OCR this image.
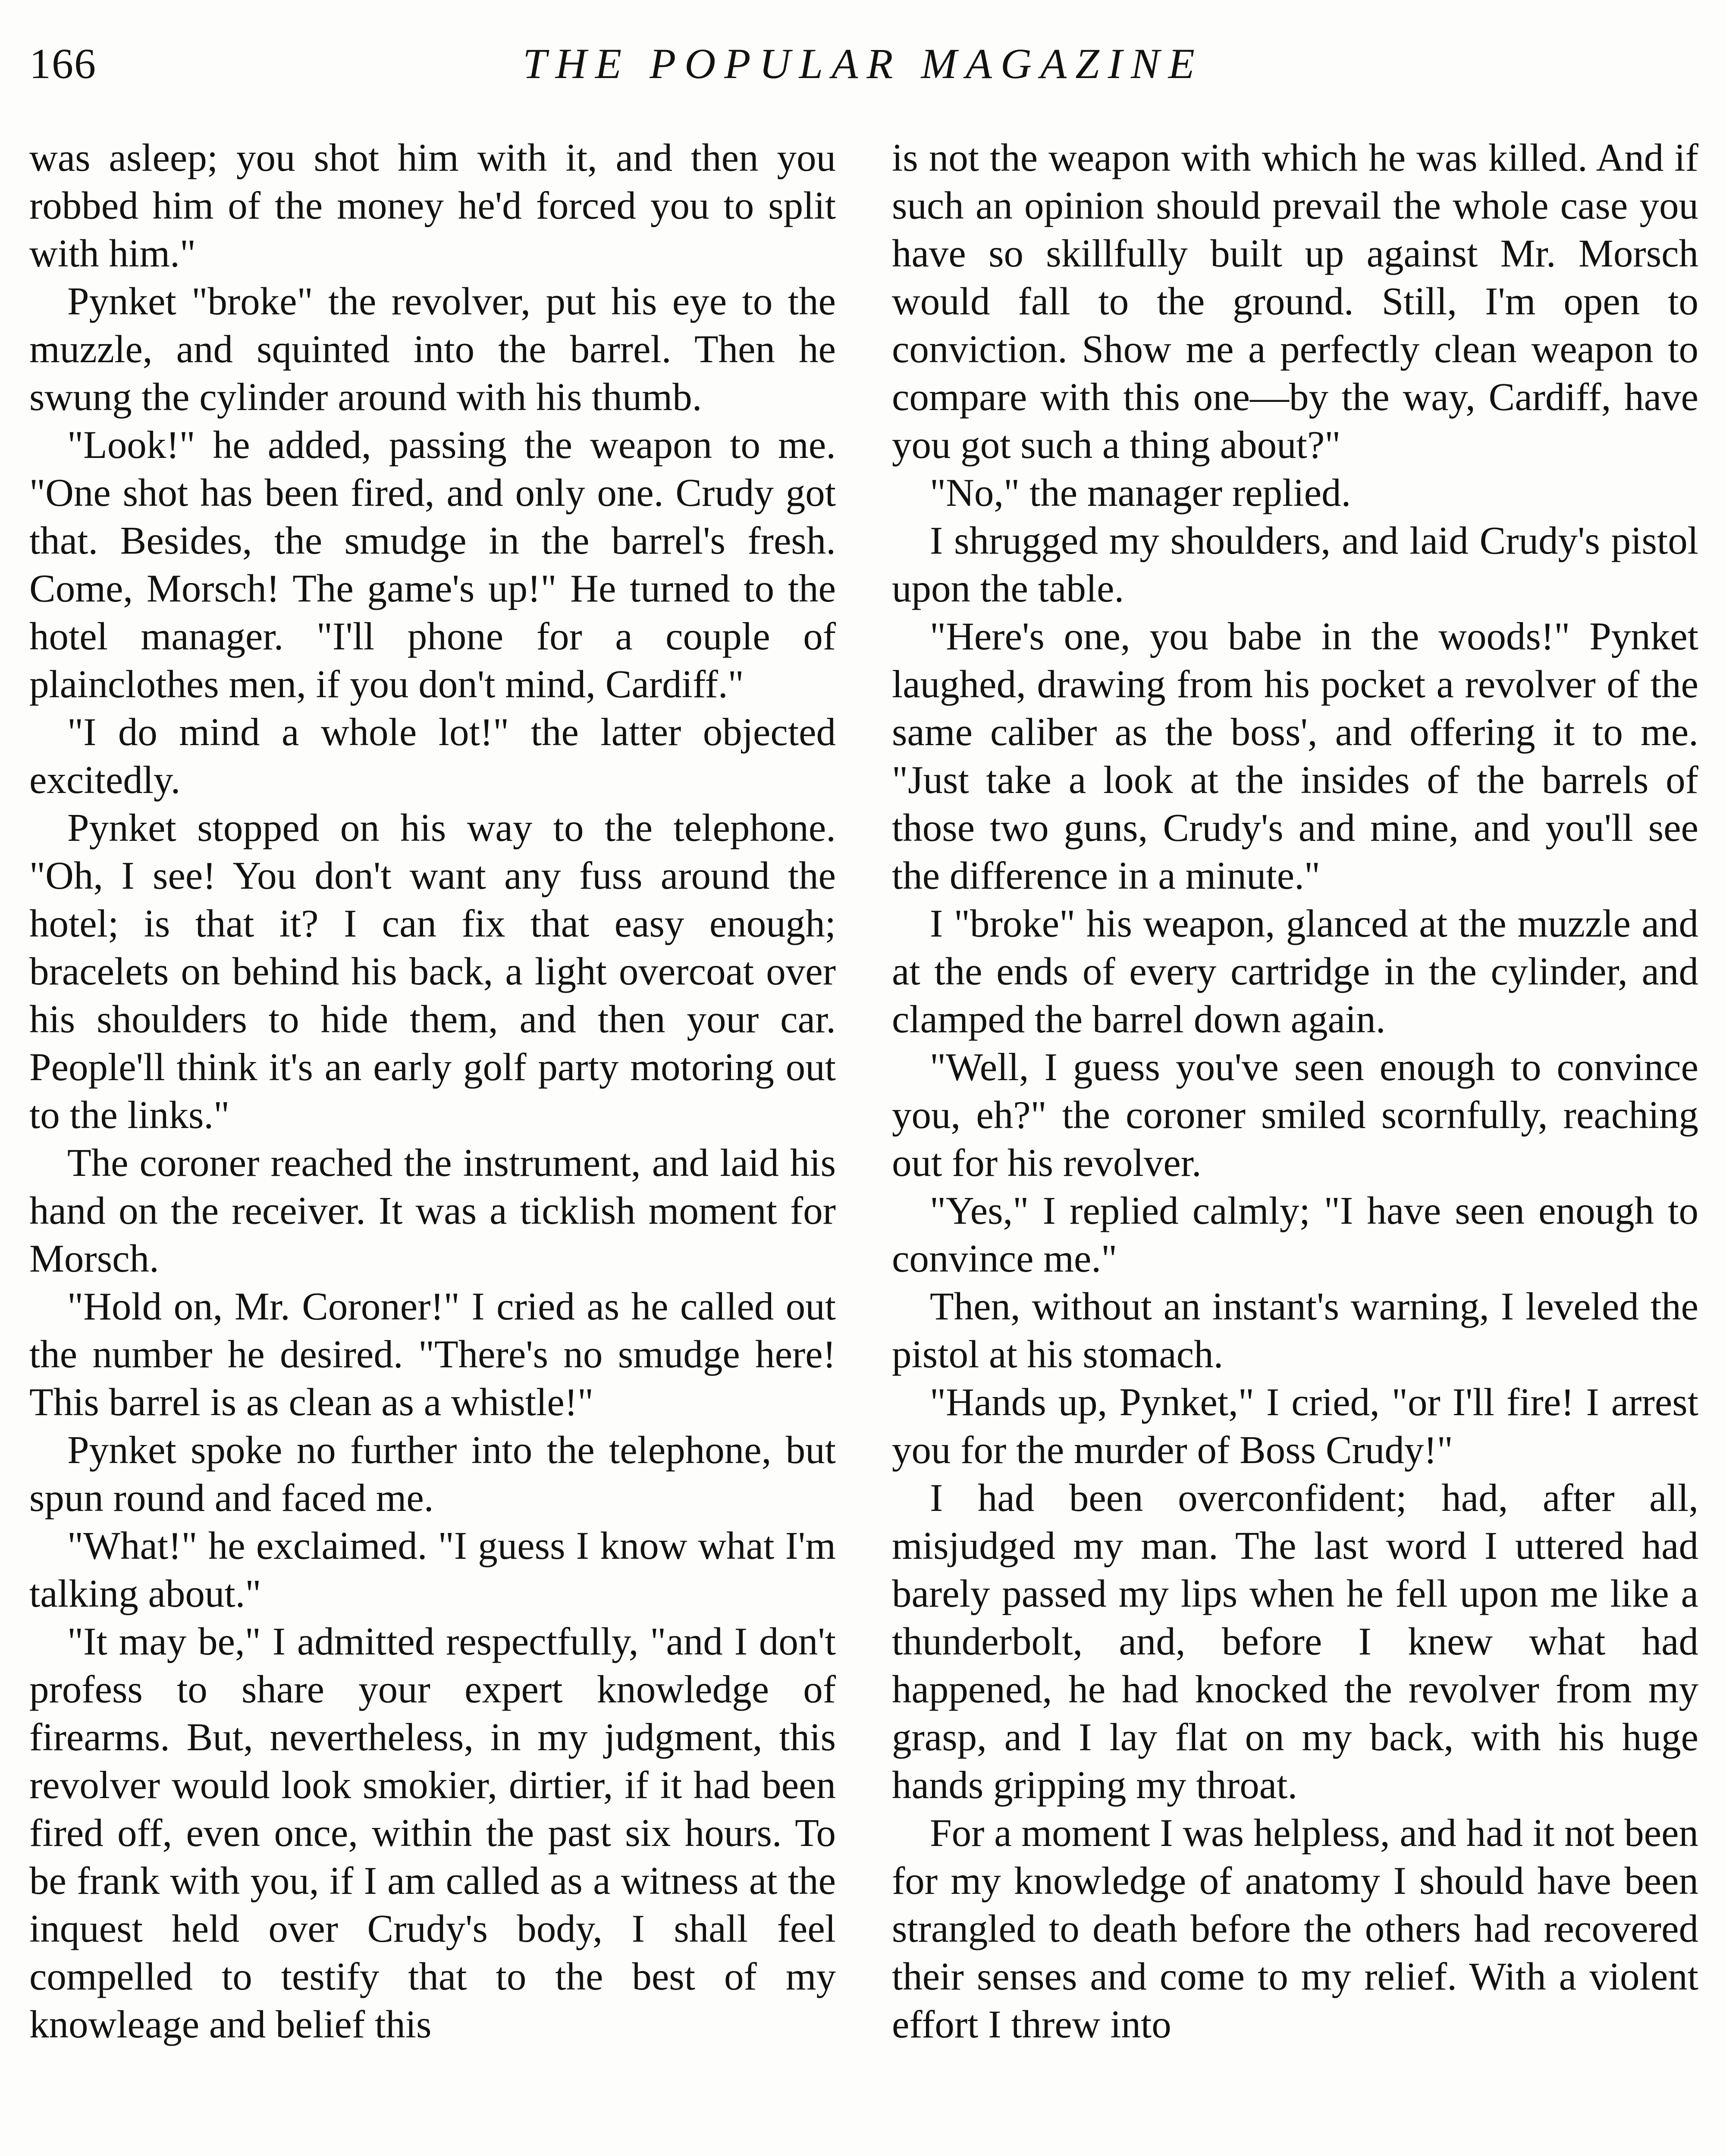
166	THE POPULAR MAGAZINE

was asleep; you shot him with it, and then you robbed him of the money he'd forced you to split with him."

Pynket "broke" the revolver, put his eye to the muzzle, and squinted into the barrel. Then he swung the cylinder around with his thumb.

"Look!" he added, passing the weapon to me. "One shot has been fired, and only one. Crudy got that. Besides, the smudge in the barrel's fresh. Come, Morsch! The game's up!" He turned to the hotel manager. "I'll phone for a couple of plainclothes men, if you don't mind, Cardiff."

"I do mind a whole lot!" the latter objected excitedly.

Pynket stopped on his way to the telephone. "Oh, I see! You don't want any fuss around the hotel; is that it? I can fix that easy enough; bracelets on behind his back, a light overcoat over his shoulders to hide them, and then your car. People'll think it's an early golf party motoring out to the links."

The coroner reached the instrument, and laid his hand on the receiver. It was a ticklish moment for Morsch.

"Hold on, Mr. Coroner!" I cried as he called out the number he desired. "There's no smudge here! This barrel is as clean as a whistle!"

Pynket spoke no further into the telephone, but spun round and faced me.

"What!" he exclaimed. "I guess I know what I'm talking about."

"It may be," I admitted respectfully, "and I don't profess to share your expert knowledge of firearms. But, nevertheless, in my judgment, this revolver would look smokier, dirtier, if it had been fired off, even once, within the past six hours. To be frank with you, if I am called as a witness at the inquest held over Crudy's body, I shall feel compelled to testify that to the best of my knowleage and belief this

is not the weapon with which he was killed. And if such an opinion should prevail the whole case you have so skillfully built up against Mr. Morsch would fall to the ground. Still, I'm open to conviction. Show me a perfectly clean weapon to compare with this one—by the way, Cardiff, have you got such a thing about?"

"No," the manager replied.

I shrugged my shoulders, and laid Crudy's pistol upon the table.

"Here's one, you babe in the woods!" Pynket laughed, drawing from his pocket a revolver of the same caliber as the boss', and offering it to me. "Just take a look at the insides of the barrels of those two guns, Crudy's and mine, and you'll see the difference in a minute."

I "broke" his weapon, glanced at the muzzle and at the ends of every cartridge in the cylinder, and clamped the barrel down again.

"Well, I guess you've seen enough to convince you, eh?" the coroner smiled scornfully, reaching out for his revolver.

"Yes," I replied calmly; "I have seen enough to convince me."

Then, without an instant's warning, I leveled the pistol at his stomach.

"Hands up, Pynket," I cried, "or I'll fire! I arrest you for the murder of Boss Crudy!"

I had been overconfident; had, after all, misjudged my man. The last word I uttered had barely passed my lips when he fell upon me like a thunderbolt, and, before I knew what had happened, he had knocked the revolver from my grasp, and I lay flat on my back, with his huge hands gripping my throat.

For a moment I was helpless, and had it not been for my knowledge of anatomy I should have been strangled to death before the others had recovered their senses and come to my relief. With a violent effort I threw into
